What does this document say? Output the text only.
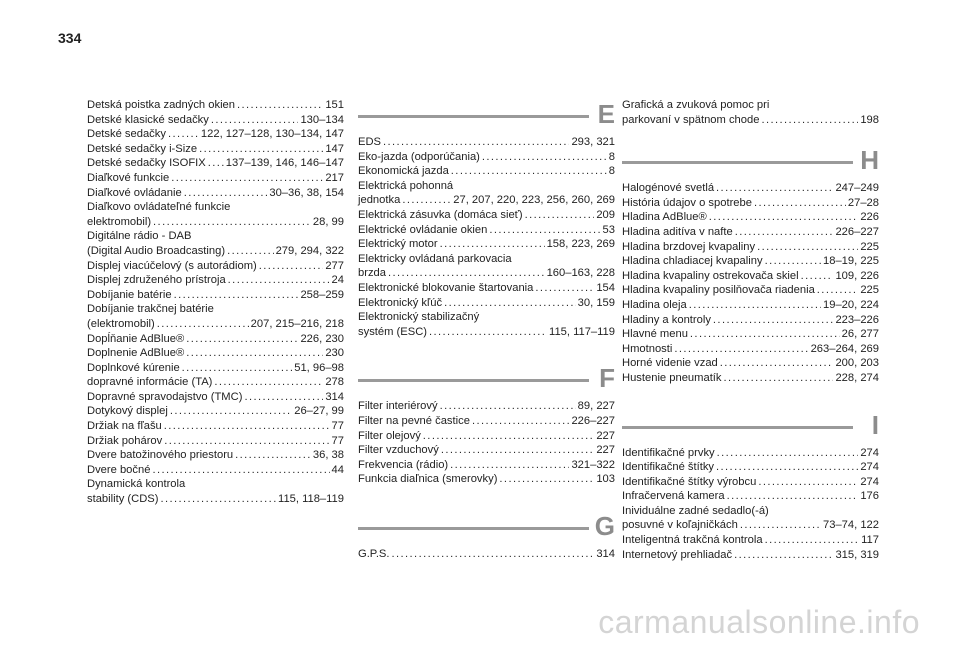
334
Detská poistka zadných okien .....	151
Detské klasické sedačky .....	130–134
Detské sedačky .....	122, 127–128, 130–134, 147
Detské sedačky i-Size .....	147
Detské sedačky ISOFIX ..... 137–139, 146, 146–147
Diaľkové funkcie .....	217
Diaľkové ovládanie .....	30–36, 38, 154
Diaľkovo ovládateľné funkcie
elektromobil) .....	28, 99
Digitálne rádio - DAB
(Digital Audio Broadcasting) .....	279, 294, 322
Displej viacúčelový (s autorádiom) .....	277
Displej združeného prístroja .....	24
Dobíjanie batérie .....	258–259
Dobíjanie trakčnej batérie
(elektromobil) .....	207, 215–216, 218
Dopĺňanie AdBlue® .....	226, 230
Doplnenie AdBlue® .....	230
Doplnkové kúrenie .....	51, 96–98
dopravné informácie (TA) .....	278
Dopravné spravodajstvo (TMC) .....	314
Dotykový displej .....	26–27, 99
Držiak na fľašu .....	77
Držiak pohárov .....	77
Dvere batožinového priestoru .....	36, 38
Dvere bočné .....	44
Dynamická kontrola
stability (CDS) .....	115, 118–119
E
EDS .....	293, 321
Eko-jazda (odporúčania) .....	8
Ekonomická jazda .....	8
Elektrická pohonná
jednotka .....	27, 207, 220, 223, 256, 260, 269
Elektrická zásuvka (domáca sieť) .....	209
Elektrické ovládanie okien .....	53
Elektrický motor .....	158, 223, 269
Elektricky ovládaná parkovacia
brzda .....	160–163, 228
Elektronické blokovanie štartovania .....	154
Elektronický kľúč .....	30, 159
Elektronický stabilizačný
systém (ESC) .....	115, 117–119
F
Filter interiérový .....	89, 227
Filter na pevné častice .....	226–227
Filter olejový .....	227
Filter vzduchový .....	227
Frekvencia (rádio) .....	321–322
Funkcia diaľnica (smerovky) .....	103
G
G.P.S. .....	314
Grafická a zvuková pomoc pri
parkovaní v spätnom chode .....	198
H
Halogénové svetlá .....	247–249
História údajov o spotrebe .....	27–28
Hladina AdBlue® .....	226
Hladina aditíva v nafte .....	226–227
Hladina brzdovej kvapaliny .....	225
Hladina chladiacej kvapaliny .....	18–19, 225
Hladina kvapaliny ostrekovača skiel .....	109, 226
Hladina kvapaliny posilňovača riadenia .....	225
Hladina oleja .....	19–20, 224
Hladiny a kontroly .....	223–226
Hlavné menu .....	26, 277
Hmotnosti .....	263–264, 269
Horné videnie vzad .....	200, 203
Hustenie pneumatík .....	228, 274
I
Identifikačné prvky .....	274
Identifikačné štítky .....	274
Identifikačné štítky výrobcu .....	274
Infračervená kamera .....	176
Inividuálne zadné sedadlo(-á)
posuvné v koľajničkách .....	73–74, 122
Inteligentná trakčná kontrola .....	117
Internetový prehliadač .....	315, 319
carmanualsonline.info
